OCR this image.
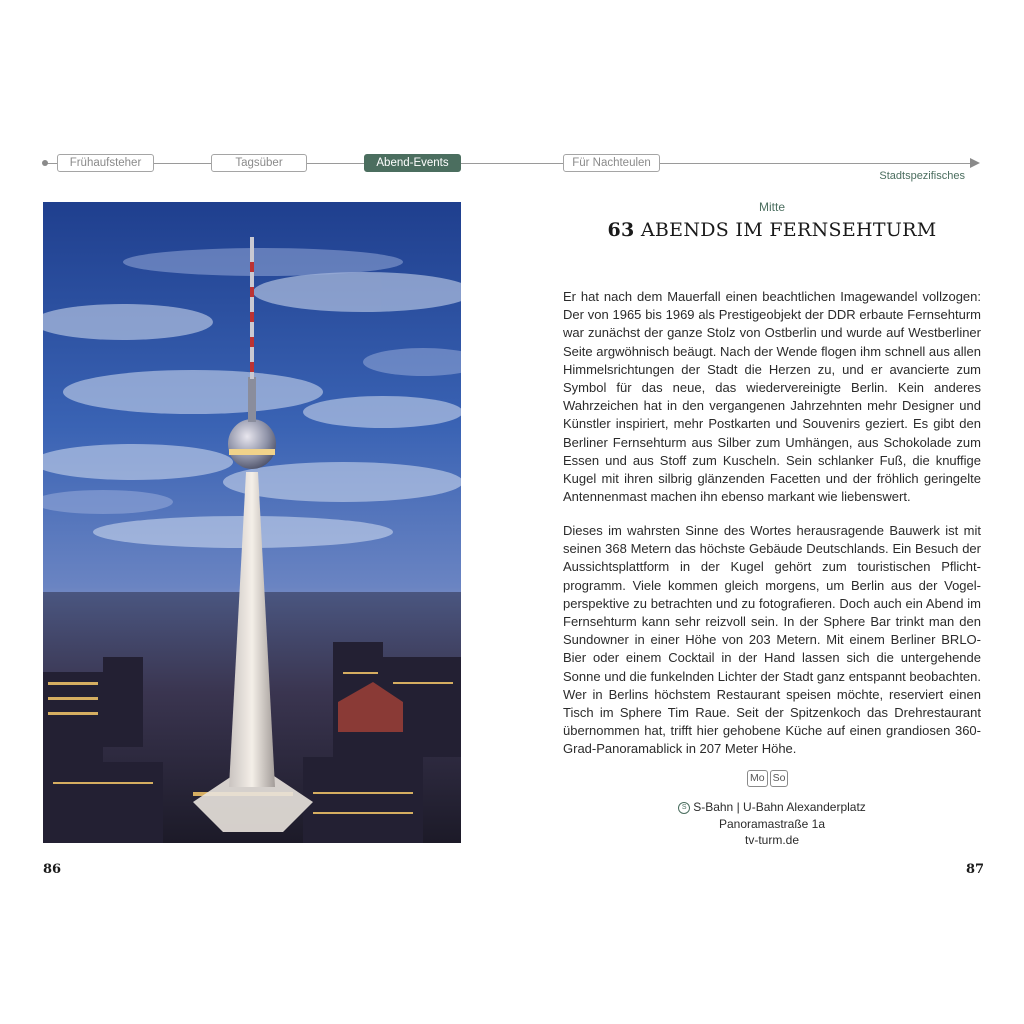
Frühaufsteher	Tagsüber	Abend-Events	Für Nachteulen
Stadtspezifisches
Mitte
63 ABENDS IM FERNSEHTURM
Er hat nach dem Mauerfall einen beachtlichen Imagewandel vollzogen: Der von 1965 bis 1969 als Prestigeobjekt der DDR erbaute Fernsehturm war zunächst der ganze Stolz von Ostberlin und wurde auf Westberliner Seite argwöhnisch beäugt. Nach der Wende flogen ihm schnell aus allen Himmelsrichtungen der Stadt die Herzen zu, und er avancierte zum Symbol für das neue, das wiedervereinigte Berlin. Kein anderes Wahrzeichen hat in den vergangenen Jahrzehnten mehr Designer und Künstler inspiriert, mehr Postkarten und Souvenirs geziert. Es gibt den Berliner Fernsehturm aus Silber zum Umhängen, aus Schokolade zum Essen und aus Stoff zum Kuscheln. Sein schlanker Fuß, die knuffige Kugel mit ihren silbrig glänzenden Facetten und der fröhlich geringelte Antennenmast machen ihn ebenso markant wie liebenswert.
Dieses im wahrsten Sinne des Wortes herausragende Bauwerk ist mit seinen 368 Metern das höchste Gebäude Deutschlands. Ein Besuch der Aussichtsplattform in der Kugel gehört zum touristischen Pflichtprogramm. Viele kommen gleich morgens, um Berlin aus der Vogelperspektive zu betrachten und zu fotografieren. Doch auch ein Abend im Fernsehturm kann sehr reizvoll sein. In der Sphere Bar trinkt man den Sundowner in einer Höhe von 203 Metern. Mit einem Berliner BRLO-Bier oder einem Cocktail in der Hand lassen sich die untergehende Sonne und die funkelnden Lichter der Stadt ganz entspannt beobachten. Wer in Berlins höchstem Restaurant speisen möchte, reserviert einen Tisch im Sphere Tim Raue. Seit der Spitzenkoch das Drehrestaurant übernommen hat, trifft hier gehobene Küche auf einen grandiosen 360-Grad-Panoramablick in 207 Meter Höhe.
Mo So
S S-Bahn | U-Bahn Alexanderplatz
Panoramastraße 1a
tv-turm.de
86	87
